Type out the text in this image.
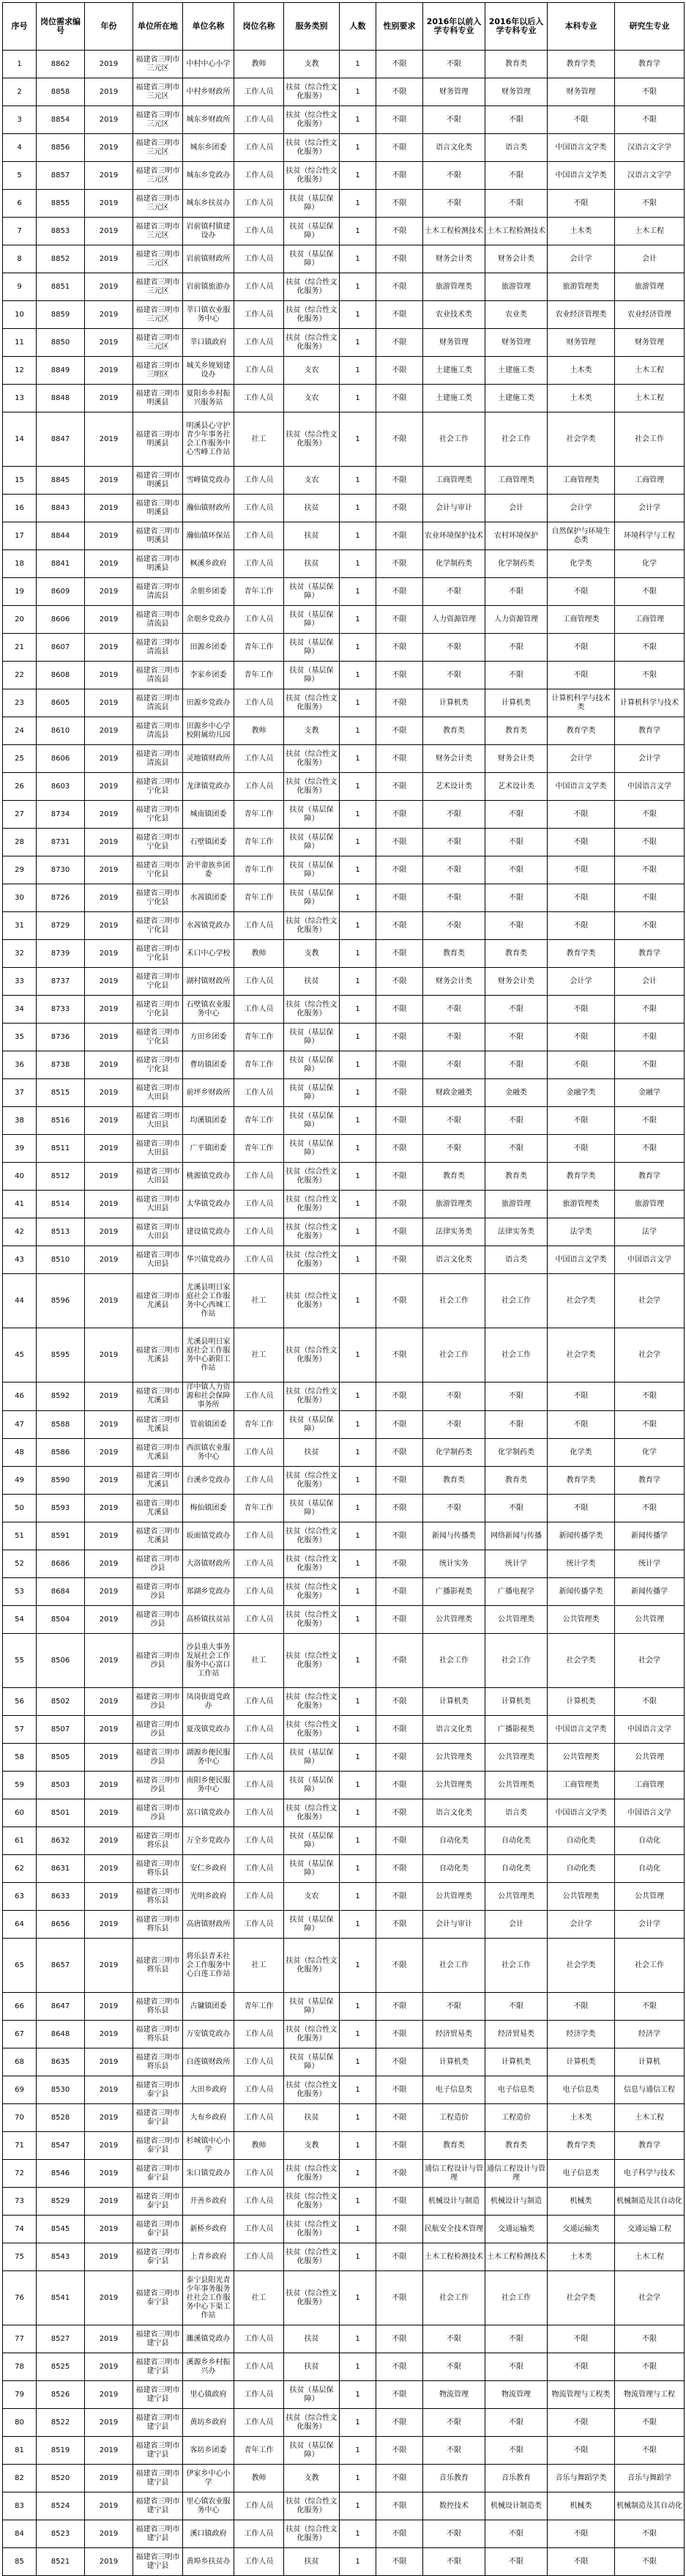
序号	岗位需求编号	年份	单位所在地	单位名称	岗位名称	服务类别	人数	性别要求	2016年以前入学专科专业	2016年以后入学专科专业	本科专业	研究生专业
1	8862	2019	福建省三明市三元区	中村中心小学	教师	支教	1	不限	不限	教育类	教育学类	教育学
2	8858	2019	福建省三明市三元区	中村乡财政所	工作人员	扶贫（综合性文化服务）	1	不限	财务管理	财务管理	财务管理	不限
3	8854	2019	福建省三明市三元区	城东乡财政所	工作人员	扶贫（综合性文化服务）	1	不限	不限	不限	不限	不限
4	8856	2019	福建省三明市三元区	城东乡团委	工作人员	扶贫（综合性文化服务）	1	不限	语言文化类	语言类	中国语言文学类	汉语言文字学
5	8857	2019	福建省三明市三元区	城东乡党政办	工作人员	扶贫（综合性文化服务）	1	不限	不限	不限	中国语言文学类	汉语言文字学
6	8855	2019	福建省三明市三元区	城东乡扶贫办	工作人员	扶贫（基层保障）	1	不限	不限	不限	不限	不限
7	8853	2019	福建省三明市三元区	岩前镇村镇建设办	工作人员	扶贫（基层保障）	1	不限	土木工程检测技术	土木工程检测技术	土木类	土木工程
8	8852	2019	福建省三明市三元区	岩前镇财政所	工作人员	扶贫（基层保障）	1	不限	财务会计类	财务会计类	会计学	会计
9	8851	2019	福建省三明市三元区	岩前镇旅游办	工作人员	扶贫（综合性文化服务）	1	不限	旅游管理类	旅游管理	旅游管理类	旅游管理
10	8859	2019	福建省三明市三元区	莘口镇农业服务中心	工作人员	扶贫（综合性文化服务）	1	不限	农业技术类	农业类	农业经济管理类	农业经济管理
11	8850	2019	福建省三明市三元区	莘口镇政府	工作人员	扶贫（综合性文化服务）	1	不限	财务管理	财务管理	财务管理	财务管理
12	8849	2019	福建省三明市三明区	城关乡规划建设办	工作人员	支农	1	不限	土建施工类	土建施工类	土木类	土木工程
13	8848	2019	福建省三明市明溪县	夏阳乡乡村振兴服务站	工作人员	支农	1	不限	土建施工类	土建施工类	土木类	土木工程
14	8847	2019	福建省三明市明溪县	明溪县心守护青少年事务社会工作服务中心雪峰工作站	社工	扶贫（综合性文化服务）	1	不限	社会工作	社会工作	社会学类	社会工作
15	8845	2019	福建省三明市明溪县	雪峰镇党政办	工作人员	支农	1	不限	工商管理类	工商管理类	工商管理类	工商管理
16	8843	2019	福建省三明市明溪县	瀚仙镇财政所	工作人员	扶贫	1	不限	会计与审计	会计	会计学	会计学
17	8844	2019	福建省三明市明溪县	瀚仙镇环保站	工作人员	扶贫	1	不限	农业环境保护技术	农村环境保护	自然保护与环境生态类	环境科学与工程
18	8841	2019	福建省三明市明溪县	枫溪乡政府	工作人员	扶贫	1	不限	化学制药类	化学制药类	化学类	化学
19	8609	2019	福建省三明市清流县	余朋乡团委	青年工作	扶贫（基层保障）	1	不限	不限	不限	不限	不限
20	8606	2019	福建省三明市清流县	余朋乡党政办	工作人员	扶贫（基层保障）	1	不限	人力资源管理	人力资源管理	工商管理类	工商管理
21	8607	2019	福建省三明市清流县	田源乡团委	青年工作	扶贫（基层保障）	1	不限	不限	不限	不限	不限
22	8608	2019	福建省三明市清流县	李家乡团委	青年工作	扶贫（基层保障）	1	不限	不限	不限	不限	不限
23	8605	2019	福建省三明市清流县	田源乡党政办	工作人员	扶贫（综合性文化服务）	1	不限	计算机类	计算机类	计算机科学与技术类	计算机科学与技术
24	8610	2019	福建省三明市清流县	田源乡中心学校附属幼儿园	教师	支教	1	不限	教育类	教育类	教育学类	教育学
25	8606	2019	福建省三明市清流县	灵地镇财政所	工作人员	扶贫（综合性文化服务）	1	不限	财务会计类	财务会计类	会计学	会计学
26	8603	2019	福建省三明市宁化县	龙津镇党政办	工作人员	扶贫（综合性文化服务）	1	不限	艺术设计类	艺术设计类	中国语言文学类	中国语言文学
27	8734	2019	福建省三明市宁化县	城南镇团委	青年工作	扶贫（基层保障）	1	不限	不限	不限	不限	不限
28	8731	2019	福建省三明市宁化县	石壁镇团委	青年工作	扶贫（基层保障）	1	不限	不限	不限	不限	不限
29	8730	2019	福建省三明市宁化县	治平畲族乡团委	青年工作	扶贫（基层保障）	1	不限	不限	不限	不限	不限
30	8726	2019	福建省三明市宁化县	水茜镇团委	青年工作	扶贫（基层保障）	1	不限	不限	不限	不限	不限
31	8729	2019	福建省三明市宁化县	水茜镇党政办	工作人员	扶贫（综合性文化服务）	1	不限	不限	不限	不限	不限
32	8739	2019	福建省三明市宁化县	禾口中心学校	教师	支教	1	不限	教育类	教育类	教育学类	教育学
33	8737	2019	福建省三明市宁化县	湖村镇财政所	工作人员	扶贫	1	不限	财务会计类	财务会计类	会计学	会计
34	8733	2019	福建省三明市宁化县	石壁镇农业服务中心	工作人员	扶贫（综合性文化服务）	1	不限	不限	不限	不限	不限
35	8736	2019	福建省三明市宁化县	方田乡团委	青年工作	扶贫（基层保障）	1	不限	不限	不限	不限	不限
36	8738	2019	福建省三明市宁化县	曹坊镇团委	青年工作	扶贫（基层保障）	1	不限	不限	不限	不限	不限
37	8515	2019	福建省三明市大田县	前坪乡财政所	工作人员	扶贫（基层保障）	1	不限	财政金融类	金融类	金融学类	金融学
38	8516	2019	福建省三明市大田县	均溪镇团委	青年工作	扶贫（基层保障）	1	不限	不限	不限	不限	不限
39	8511	2019	福建省三明市大田县	广平镇团委	青年工作	扶贫（基层保障）	1	不限	不限	不限	不限	不限
40	8512	2019	福建省三明市大田县	桃源镇党政办	工作人员	扶贫（综合性文化服务）	1	不限	教育类	教育类	教育学类	教育学
41	8514	2019	福建省三明市大田县	太华镇党政办	工作人员	扶贫（综合性文化服务）	1	不限	旅游管理类	旅游管理	旅游管理类	旅游管理
42	8513	2019	福建省三明市大田县	建设镇党政办	工作人员	扶贫（综合性文化服务）	1	不限	法律实务类	法律实务类	法学类	法学
43	8510	2019	福建省三明市大田县	华兴镇党政办	工作人员	扶贫（综合性文化服务）	1	不限	语言文化类	语言类	中国语言文学类	中国语言文学
44	8596	2019	福建省三明市尤溪县	尤溪县明日家庭社会工作服务中心西城工作站	社工	扶贫（综合性文化服务）	1	不限	社会工作	社会工作	社会学类	社会学
45	8595	2019	福建省三明市尤溪县	尤溪县明日家庭社会工作服务中心新阳工作站	社工	扶贫（综合性文化服务）	1	不限	社会工作	社会工作	社会学类	社会学
46	8592	2019	福建省三明市尤溪县	洋中镇人力资源和社会保障事务所	工作人员	扶贫（综合性文化服务）	1	不限	不限	不限	不限	不限
47	8588	2019	福建省三明市尤溪县	管前镇团委	青年工作	扶贫（基层保障）	1	不限	不限	不限	不限	不限
48	8586	2019	福建省三明市尤溪县	西滨镇农业服务中心	工作人员	扶贫	1	不限	化学制药类	化学制药类	化学类	化学
49	8590	2019	福建省三明市尤溪县	台溪乡党政办	工作人员	扶贫（综合性文化服务）	1	不限	教育类	教育类	教育学类	教育学
50	8593	2019	福建省三明市尤溪县	梅仙镇团委	青年工作	扶贫（基层保障）	1	不限	不限	不限	不限	不限
51	8591	2019	福建省三明市尤溪县	坂面镇党政办	工作人员	扶贫（综合性文化服务）	1	不限	新闻与传播类	网络新闻与传播	新闻传播学类	新闻传播学
52	8686	2019	福建省三明市沙县	大洛镇财政所	工作人员	扶贫（综合性文化服务）	1	不限	统计实务	统计学	统计学类	统计学
53	8684	2019	福建省三明市沙县	郑湖乡党政办	工作人员	扶贫（综合性文化服务）	1	不限	广播影视类	广播电视学	新闻传播学类	新闻传播学
54	8504	2019	福建省三明市沙县	高桥镇扶贫站	工作人员	扶贫（综合性文化服务）	1	不限	公共管理类	公共管理类	公共管理类	公共管理
55	8506	2019	福建省三明市沙县	沙县重大事务发展社会工作服务中心富口工作站	社工	扶贫（综合性文化服务）	1	不限	社会工作	社会工作	社会学类	社会学
56	8502	2019	福建省三明市沙县	凤岗街道党政办	工作人员	扶贫（综合性文化服务）	1	不限	计算机类	计算机类	计算机类	不限
57	8507	2019	福建省三明市沙县	夏茂镇党政办	工作人员	扶贫（综合性文化服务）	1	不限	语言文化类	广播影视类	中国语言文学类	中国语言文学
58	8505	2019	福建省三明市沙县	湖源乡便民服务中心	工作人员	扶贫（基层保障）	1	不限	公共管理类	公共管理类	公共管理类	公共管理
59	8503	2019	福建省三明市沙县	南阳乡便民服务中心	工作人员	扶贫（基层保障）	1	不限	公共管理类	公共管理类	工商管理类	工商管理
60	8501	2019	福建省三明市沙县	富口镇党政办	工作人员	扶贫（综合性文化服务）	1	不限	语言文化类	语言类	中国语言文学类	中国语言文学
61	8632	2019	福建省三明市将乐县	万全乡党政办	工作人员	扶贫（基层保障）	1	不限	自动化类	自动化类	自动化类	自动化
62	8631	2019	福建省三明市将乐县	安仁乡政府	工作人员	扶贫（基层保障）	1	不限	自动化类	自动化类	自动化类	自动化
63	8633	2019	福建省三明市将乐县	光明乡政府	工作人员	支农	1	不限	公共管理类	公共管理类	公共管理类	公共管理
64	8656	2019	福建省三明市将乐县	高唐镇财政所	工作人员	扶贫（基层保障）	1	不限	会计与审计	会计	会计学	会计学
65	8657	2019	福建省三明市将乐县	将乐县青禾社会工作服务中心白莲工作站	社工	扶贫（综合性文化服务）	1	不限	社会工作	社会工作	社会学类	社会工作
66	8647	2019	福建省三明市将乐县	古镛镇团委	青年工作	扶贫（基层保障）	1	不限	不限	不限	不限	不限
67	8648	2019	福建省三明市将乐县	万安镇党政办	工作人员	扶贫（综合性文化服务）	1	不限	经济贸易类	经济贸易类	经济学类	经济学
68	8635	2019	福建省三明市将乐县	白莲镇财政所	工作人员	扶贫（基层保障）	1	不限	计算机类	计算机类	计算机类	计算机
69	8530	2019	福建省三明市泰宁县	大田乡政府	工作人员	扶贫（综合性文化服务）	1	不限	电子信息类	电子信息类	电子信息类	信息与通信工程
70	8528	2019	福建省三明市泰宁县	大布乡政府	工作人员	扶贫	1	不限	工程造价	工程造价	土木类	土木工程
71	8547	2019	福建省三明市泰宁县	杉城镇中心小学	教师	支教	1	不限	教育类	教育类	教育学类	教育学
72	8546	2019	福建省三明市泰宁县	朱口镇党政办	工作人员	扶贫（综合性文化服务）	1	不限	通信工程设计与管理	通信工程设计与管理	电子信息类	电子科学与技术
73	8529	2019	福建省三明市泰宁县	开善乡政府	工作人员	扶贫（综合性文化服务）	1	不限	机械设计与制造	机械设计与制造	机械类	机械制造及其自动化
74	8545	2019	福建省三明市泰宁县	新桥乡政府	工作人员	扶贫（综合性文化服务）	1	不限	民航安全技术管理	交通运输类	交通运输类	交通运输工程
75	8543	2019	福建省三明市泰宁县	上青乡政府	工作人员	扶贫（综合性文化服务）	1	不限	土木工程检测技术	土木工程检测技术	土木类	土木工程
76	8541	2019	福建省三明市泰宁县	泰宁县阳光青少年事务服务社社会工作服务中心下渠工作站	社工	扶贫（综合性文化服务）	1	不限	社会工作	社会工作	社会学类	社会学
77	8527	2019	福建省三明市建宁县	濉溪镇党政办	工作人员	扶贫	1	不限	不限	不限	不限	不限
78	8525	2019	福建省三明市建宁县	溪源乡乡村振兴办	工作人员	扶贫	1	不限	不限	不限	不限	不限
79	8526	2019	福建省三明市建宁县	里心镇政府	工作人员	扶贫（基层保障）	1	不限	物流管理	物流管理	物流管理与工程类	物流管理与工程
80	8522	2019	福建省三明市建宁县	黄坊乡政府	工作人员	扶贫（综合性文化服务）	1	不限	不限	不限	不限	不限
81	8519	2019	福建省三明市建宁县	客坊乡团委	青年工作	扶贫（基层保障）	1	不限	不限	不限	不限	不限
82	8520	2019	福建省三明市建宁县	伊家乡中心小学	教师	支教	1	不限	音乐教育	音乐教育	音乐与舞蹈学类	音乐与舞蹈学
83	8524	2019	福建省三明市建宁县	里心镇农业服务中心	工作人员	扶贫（综合性文化服务）	1	不限	数控技术	机械设计制造类	机械类	机械制造及其自动化
84	8523	2019	福建省三明市建宁县	溪口镇政府	工作人员	扶贫（综合性文化服务）	1	不限	不限	不限	不限	不限
85	8521	2019	福建省三明市建宁县	黄埠乡扶贫办	工作人员	扶贫	1	不限	不限	不限	不限	不限
